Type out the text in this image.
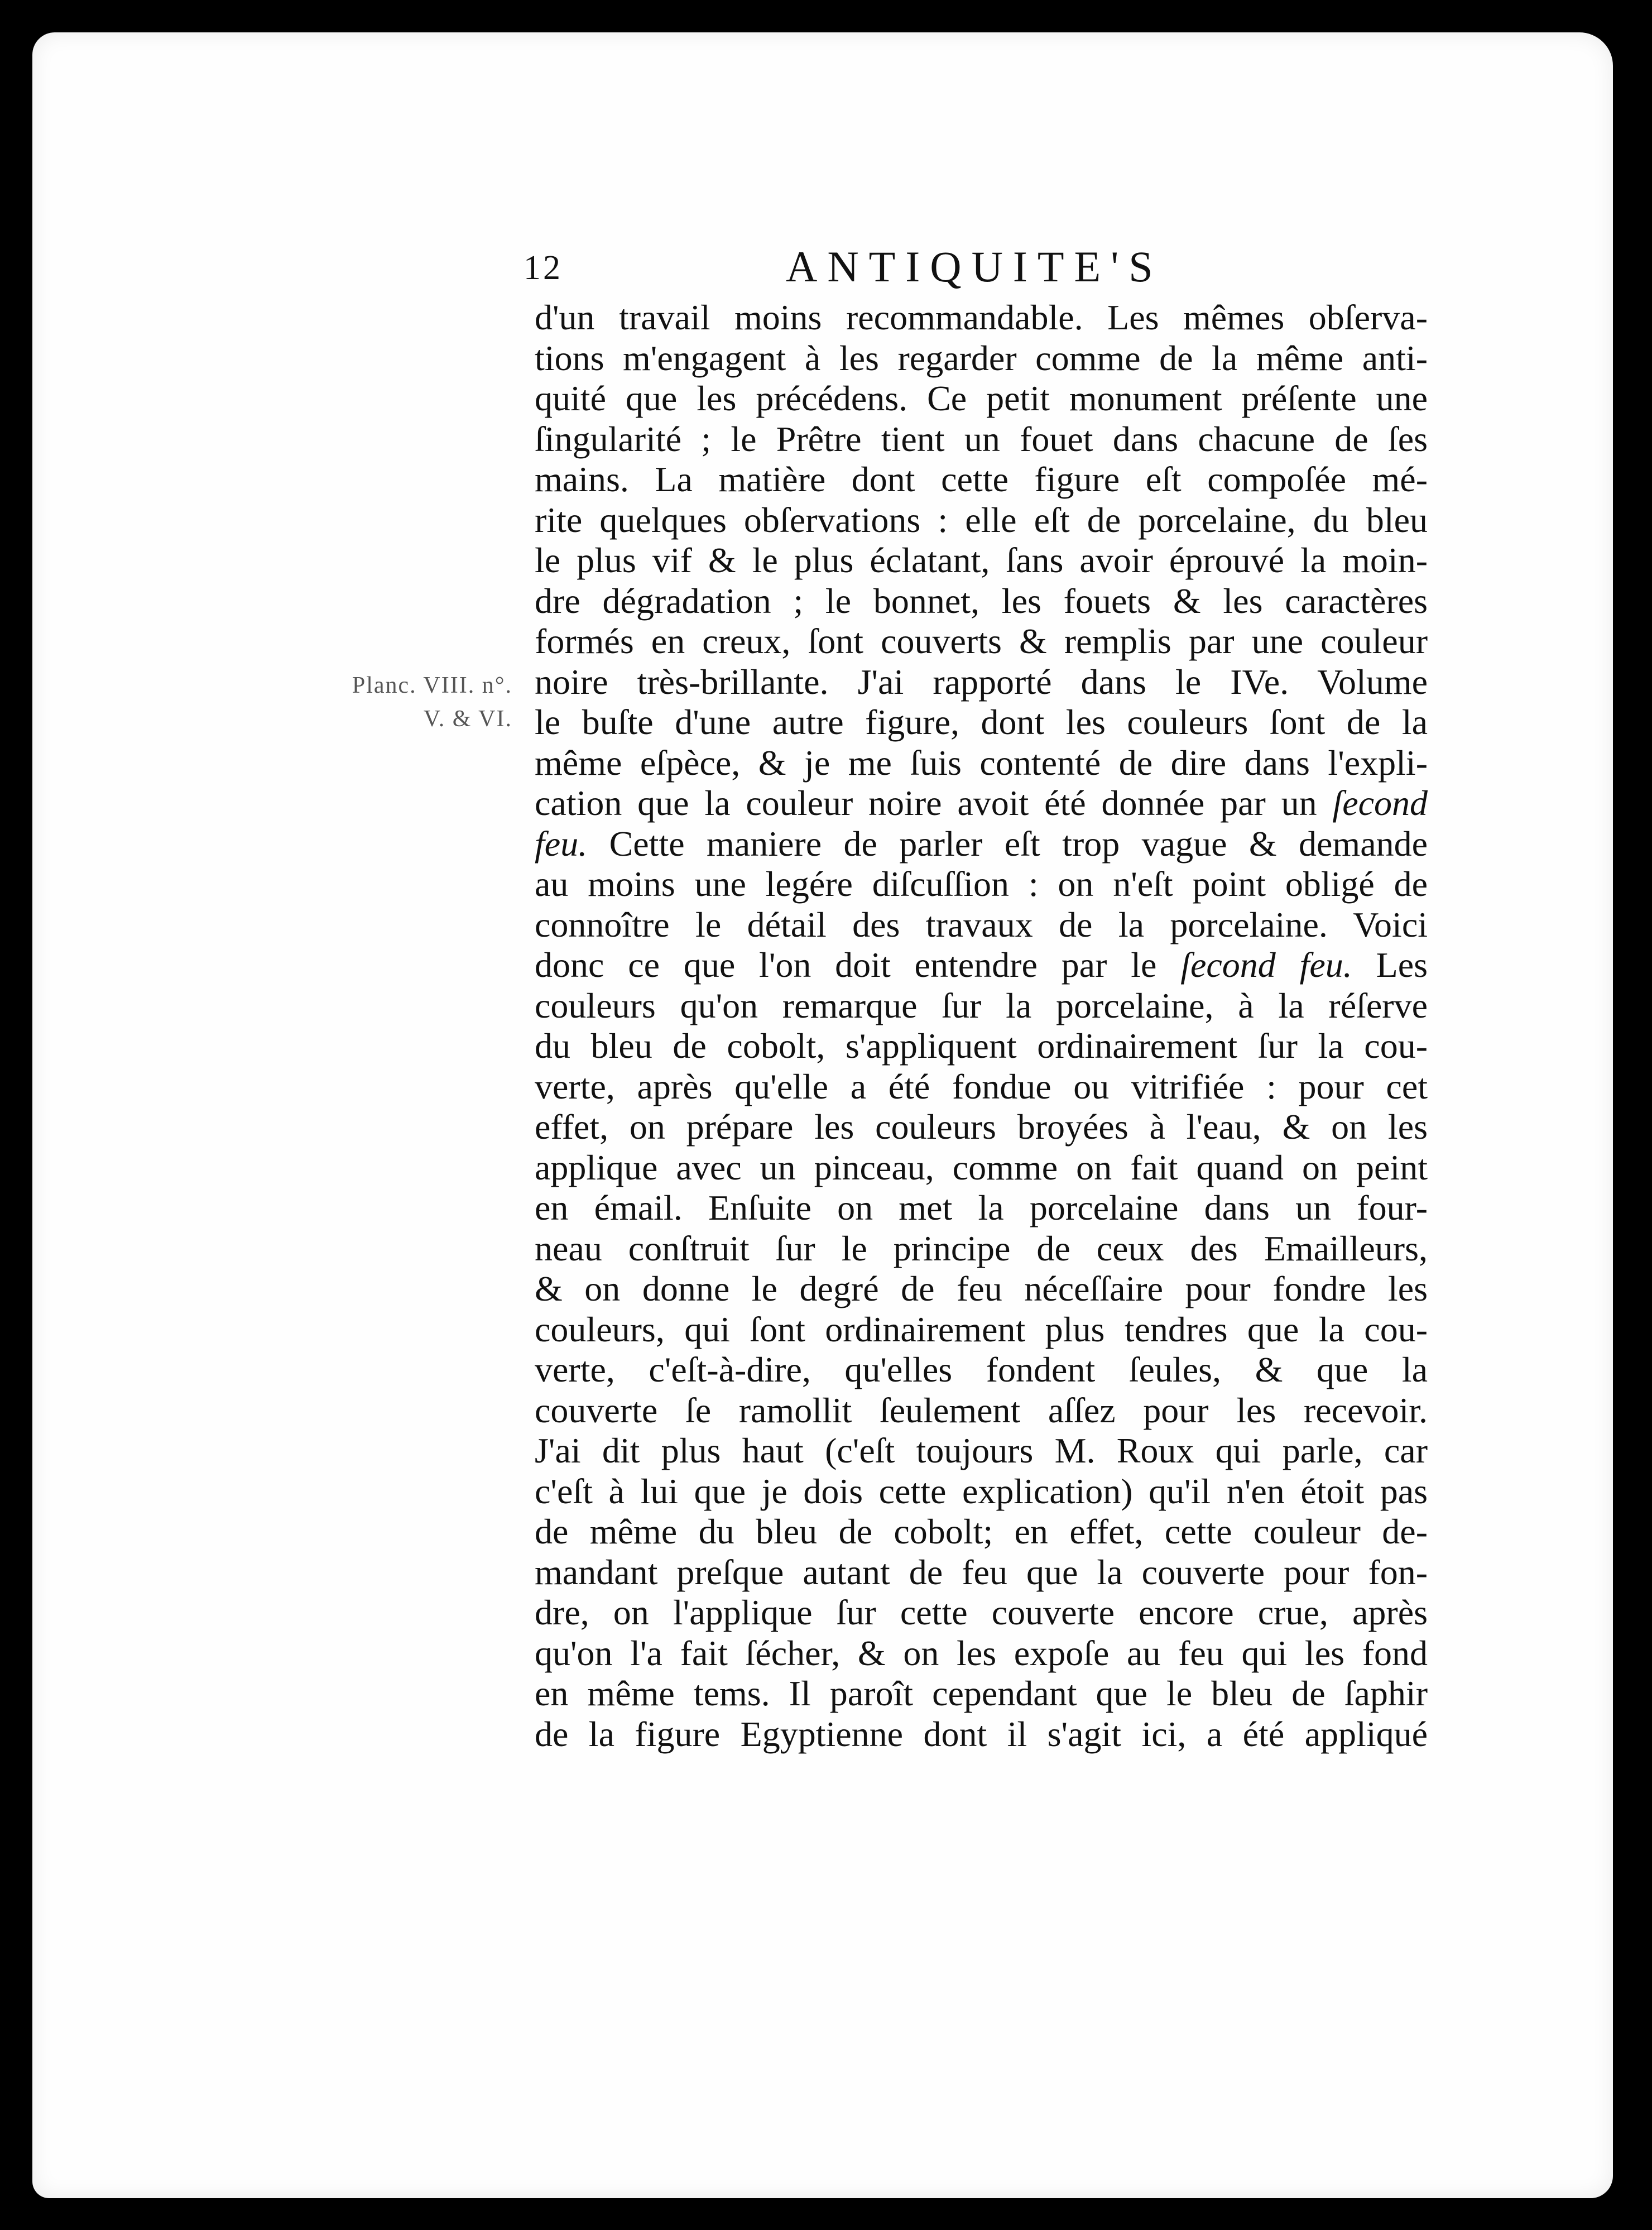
12	ANTIQUITE'S
Planc. VIII. n°.
V. & VI.
d'un travail moins recommandable. Les mêmes obſerva-
tions m'engagent à les regarder comme de la même anti-
quité que les précédens. Ce petit monument préſente une
ſingularité ; le Prêtre tient un fouet dans chacune de ſes
mains. La matière dont cette figure eſt compoſée mé-
rite quelques obſervations : elle eſt de porcelaine, du bleu
le plus vif & le plus éclatant, ſans avoir éprouvé la moin-
dre dégradation ; le bonnet, les fouets & les caractères
formés en creux, ſont couverts & remplis par une couleur
noire très-brillante. J'ai rapporté dans le IVe. Volume
le buſte d'une autre figure, dont les couleurs ſont de la
même eſpèce, & je me ſuis contenté de dire dans l'expli-
cation que la couleur noire avoit été donnée par un ſecond
feu. Cette maniere de parler eſt trop vague & demande
au moins une legére diſcuſſion : on n'eſt point obligé de
connoître le détail des travaux de la porcelaine. Voici
donc ce que l'on doit entendre par le ſecond feu. Les
couleurs qu'on remarque ſur la porcelaine, à la réſerve
du bleu de cobolt, s'appliquent ordinairement ſur la cou-
verte, après qu'elle a été fondue ou vitrifiée : pour cet
effet, on prépare les couleurs broyées à l'eau, & on les
applique avec un pinceau, comme on fait quand on peint
en émail. Enſuite on met la porcelaine dans un four-
neau conſtruit ſur le principe de ceux des Emailleurs,
& on donne le degré de feu néceſſaire pour fondre les
couleurs, qui ſont ordinairement plus tendres que la cou-
verte, c'eſt-à-dire, qu'elles fondent ſeules, & que la
couverte ſe ramollit ſeulement aſſez pour les recevoir.
J'ai dit plus haut (c'eſt toujours M. Roux qui parle, car
c'eſt à lui que je dois cette explication) qu'il n'en étoit pas
de même du bleu de cobolt; en effet, cette couleur de-
mandant preſque autant de feu que la couverte pour fon-
dre, on l'applique ſur cette couverte encore crue, après
qu'on l'a fait ſécher, & on les expoſe au feu qui les fond
en même tems. Il paroît cependant que le bleu de ſaphir
de la figure Egyptienne dont il s'agit ici, a été appliqué
